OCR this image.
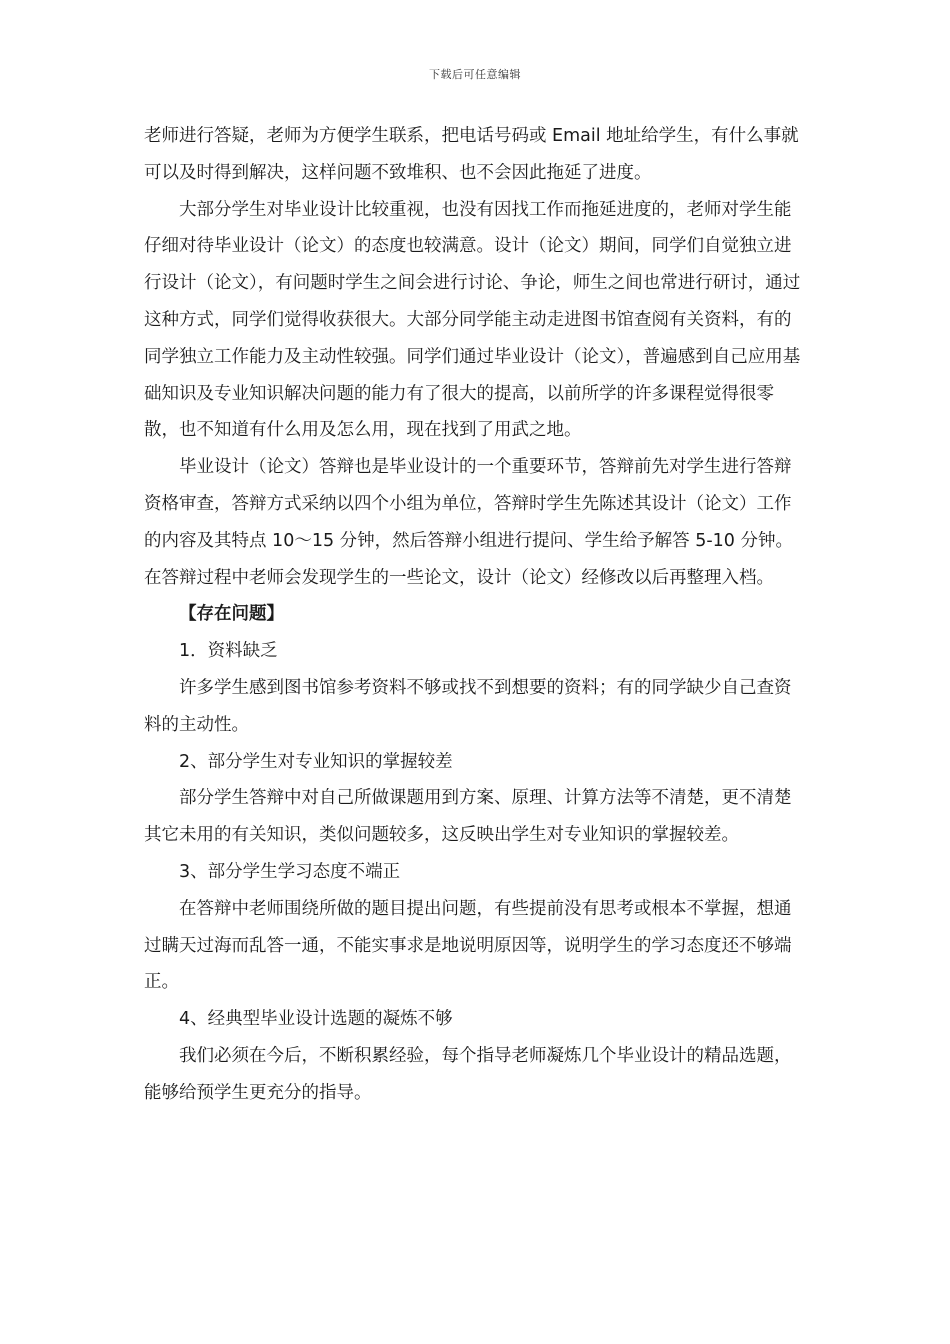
下载后可任意编辑

老师进行答疑，老师为方便学生联系，把电话号码或 Email 地址给学生，有什么事就可以及时得到解决，这样问题不致堆积、也不会因此拖延了进度。

大部分学生对毕业设计比较重视，也没有因找工作而拖延进度的，老师对学生能仔细对待毕业设计（论文）的态度也较满意。设计（论文）期间，同学们自觉独立进行设计（论文），有问题时学生之间会进行讨论、争论，师生之间也常进行研讨，通过这种方式，同学们觉得收获很大。大部分同学能主动走进图书馆查阅有关资料，有的同学独立工作能力及主动性较强。同学们通过毕业设计（论文），普遍感到自己应用基础知识及专业知识解决问题的能力有了很大的提高，以前所学的许多课程觉得很零散，也不知道有什么用及怎么用，现在找到了用武之地。

毕业设计（论文）答辩也是毕业设计的一个重要环节，答辩前先对学生进行答辩资格审查，答辩方式采纳以四个小组为单位，答辩时学生先陈述其设计（论文）工作的内容及其特点 10～15 分钟，然后答辩小组进行提问、学生给予解答 5-10 分钟。在答辩过程中老师会发现学生的一些论文，设计（论文）经修改以后再整理入档。

【存在问题】

1．资料缺乏

许多学生感到图书馆参考资料不够或找不到想要的资料；有的同学缺少自己查资料的主动性。

2、部分学生对专业知识的掌握较差

部分学生答辩中对自己所做课题用到方案、原理、计算方法等不清楚，更不清楚其它未用的有关知识，类似问题较多，这反映出学生对专业知识的掌握较差。

3、部分学生学习态度不端正

在答辩中老师围绕所做的题目提出问题，有些提前没有思考或根本不掌握，想通过瞒天过海而乱答一通，不能实事求是地说明原因等，说明学生的学习态度还不够端正。

4、经典型毕业设计选题的凝炼不够

我们必须在今后，不断积累经验，每个指导老师凝炼几个毕业设计的精品选题，能够给预学生更充分的指导。
